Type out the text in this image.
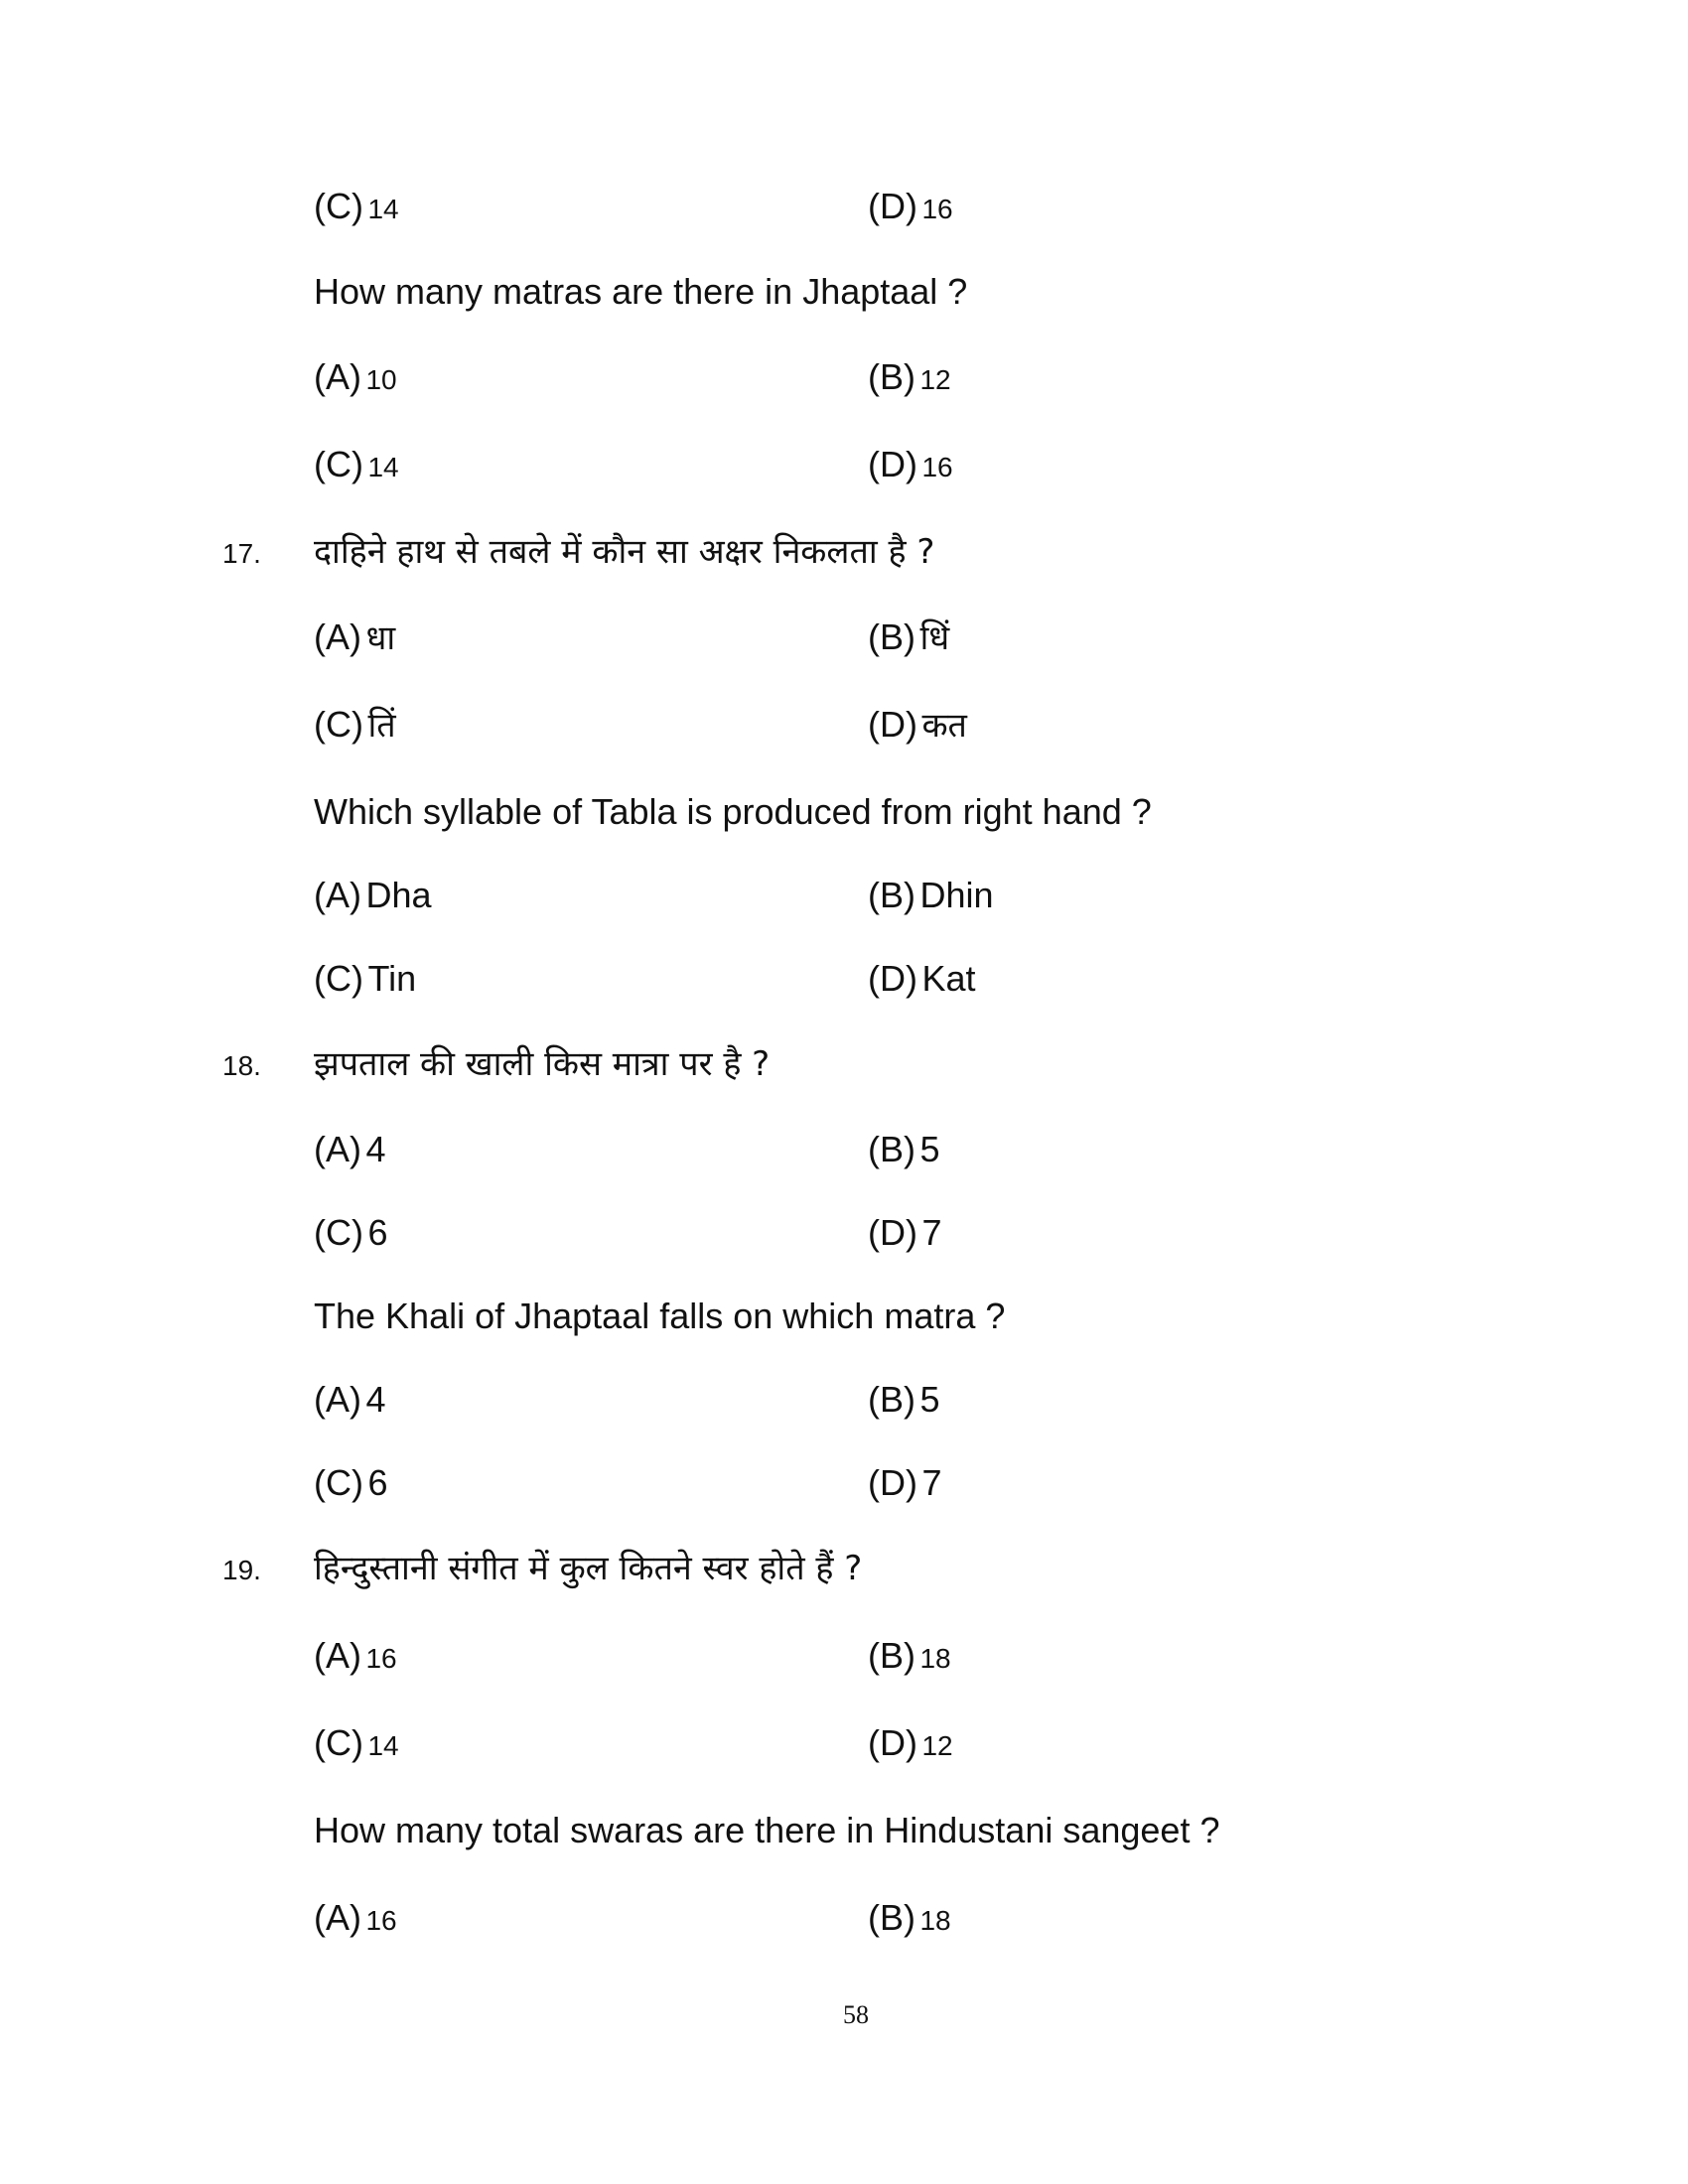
(C) 14	(D) 16
How many matras are there in Jhaptaal ?
(A) 10	(B) 12
(C) 14	(D) 16
17. दाहिने हाथ से तबले में कौन सा अक्षर निकलता है ?
(A) धा	(B) धिं
(C) तिं	(D) कत
Which syllable of Tabla is produced from right hand ?
(A) Dha	(B) Dhin
(C) Tin	(D) Kat
18. झपताल की खाली किस मात्रा पर है ?
(A) 4	(B) 5
(C) 6	(D) 7
The Khali of Jhaptaal falls on which matra ?
(A) 4	(B) 5
(C) 6	(D) 7
19. हिन्दुस्तानी संगीत में कुल कितने स्वर होते हैं ?
(A) 16	(B) 18
(C) 14	(D) 12
How many total swaras are there in Hindustani sangeet ?
(A) 16	(B) 18
58
